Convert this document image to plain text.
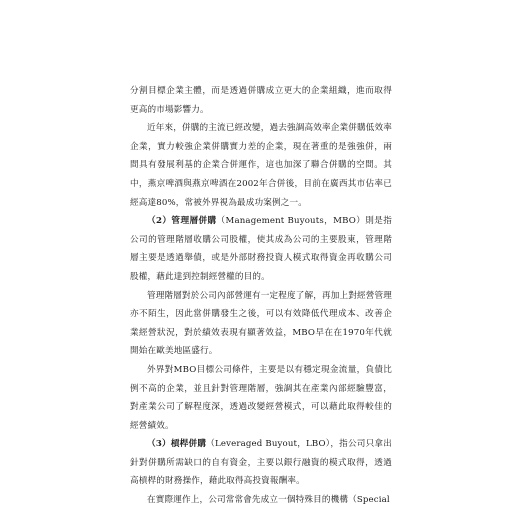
分割目標企業主體，而是透過併購成立更大的企業組織，進而取得更高的市場影響力。

近年來，併購的主流已經改變，過去強調高效率企業併購低效率企業，實力較強企業併購實力差的企業，現在著重的是強強併，兩間具有發展利基的企業合併運作，這也加深了聯合併購的空間。其中，燕京啤酒與燕京啤酒在2002年合併後，目前在廣西其市佔率已經高達80%，常被外界視為最成功案例之一。

（2）管理層併購（Management Buyouts，MBO）則是指公司的管理階層收購公司股權，使其成為公司的主要股東，管理階層主要是透過舉債，或是外部財務投資人模式取得資金再收購公司股權，藉此達到控制經營權的目的。

管理階層對於公司內部營運有一定程度了解，再加上對經營管理亦不陌生，因此當併購發生之後，可以有效降低代理成本、改善企業經營狀況，對於績效表現有顯著效益，MBO早在在1970年代就開始在歐美地區盛行。

外界對MBO目標公司條件，主要是以有穩定現金流量，負債比例不高的企業，並且針對管理階層，強調其在產業內部經驗豐富，對產業公司了解程度深，透過改變經營模式，可以藉此取得較佳的經營績效。

（3）槓桿併購（Leveraged Buyout，LBO），指公司只拿出針對併購所需缺口的自有資金，主要以銀行融資的模式取得，透過高槓桿的財務操作，藉此取得高投資報酬率。

在實際運作上，公司常常會先成立一個特殊目的機構（Special
